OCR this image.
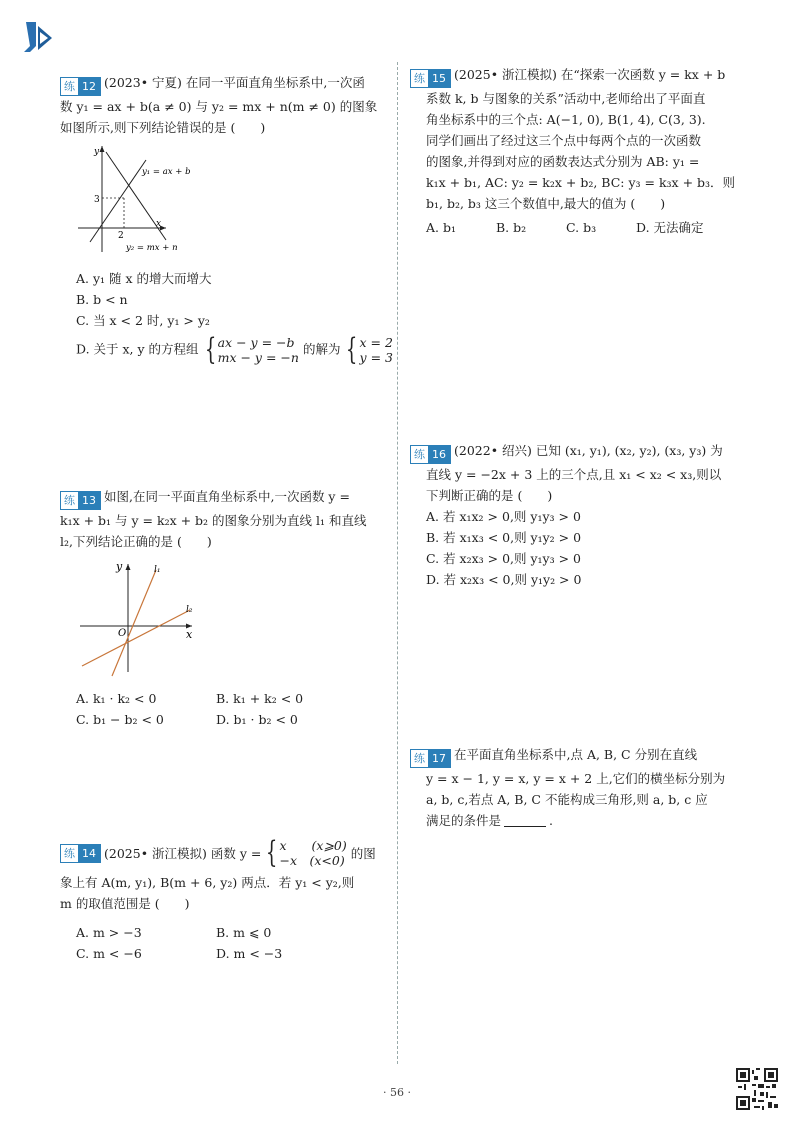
练 12 (2023• 宁夏) 在同一平面直角坐标系中,一次函
数 y₁ = ax + b(a ≠ 0) 与 y₂ = mx + n(m ≠ 0) 的图象
如图所示,则下列结论错误的是 (　　)
y
x
3
2
y₁ = ax + b
y₂ = mx + n
A. y₁ 随 x 的增大而增大
B. b < n
C. 当 x < 2 时, y₁ > y₂
D. 关于 x, y 的方程组 { ax − y = −b
mx − y = −n
的解为 { x = 2
y = 3
练 13 如图,在同一平面直角坐标系中,一次函数 y =
k₁x + b₁ 与 y = k₂x + b₂ 的图象分别为直线 l₁ 和直线
l₂,下列结论正确的是 (　　)
y
x
O
l₁
l₂
A. k₁ · k₂ < 0	B. k₁ + k₂ < 0
C. b₁ − b₂ < 0	D. b₁ · b₂ < 0
练 14 (2025• 浙江模拟) 函数 y = { x　　(x⩾0)
−x　(x<0) 的图
象上有 A(m, y₁), B(m + 6, y₂) 两点．若 y₁ < y₂,则
m 的取值范围是 (　　)
A. m > −3	B. m ⩽ 0
C. m < −6	D. m < −3
练 15 (2025• 浙江模拟) 在“探索一次函数 y = kx + b
系数 k, b 与图象的关系”活动中,老师给出了平面直
角坐标系中的三个点: A(−1, 0), B(1, 4), C(3, 3).
同学们画出了经过这三个点中每两个点的一次函数
的图象,并得到对应的函数表达式分别为 AB: y₁ =
k₁x + b₁, AC: y₂ = k₂x + b₂, BC: y₃ = k₃x + b₃．则
b₁, b₂, b₃ 这三个数值中,最大的值为 (　　)
A. b₁	B. b₂	C. b₃	D. 无法确定
练 16 (2022• 绍兴) 已知 (x₁, y₁), (x₂, y₂), (x₃, y₃) 为
直线 y = −2x + 3 上的三个点,且 x₁ < x₂ < x₃,则以
下判断正确的是 (　　)
A. 若 x₁x₂ > 0,则 y₁y₃ > 0
B. 若 x₁x₃ < 0,则 y₁y₂ > 0
C. 若 x₂x₃ > 0,则 y₁y₃ > 0
D. 若 x₂x₃ < 0,则 y₁y₂ > 0
练 17 在平面直角坐标系中,点 A, B, C 分别在直线
y = x − 1, y = x, y = x + 2 上,它们的横坐标分别为
a, b, c,若点 A, B, C 不能构成三角形,则 a, b, c 应
满足的条件是	.
· 56 ·
